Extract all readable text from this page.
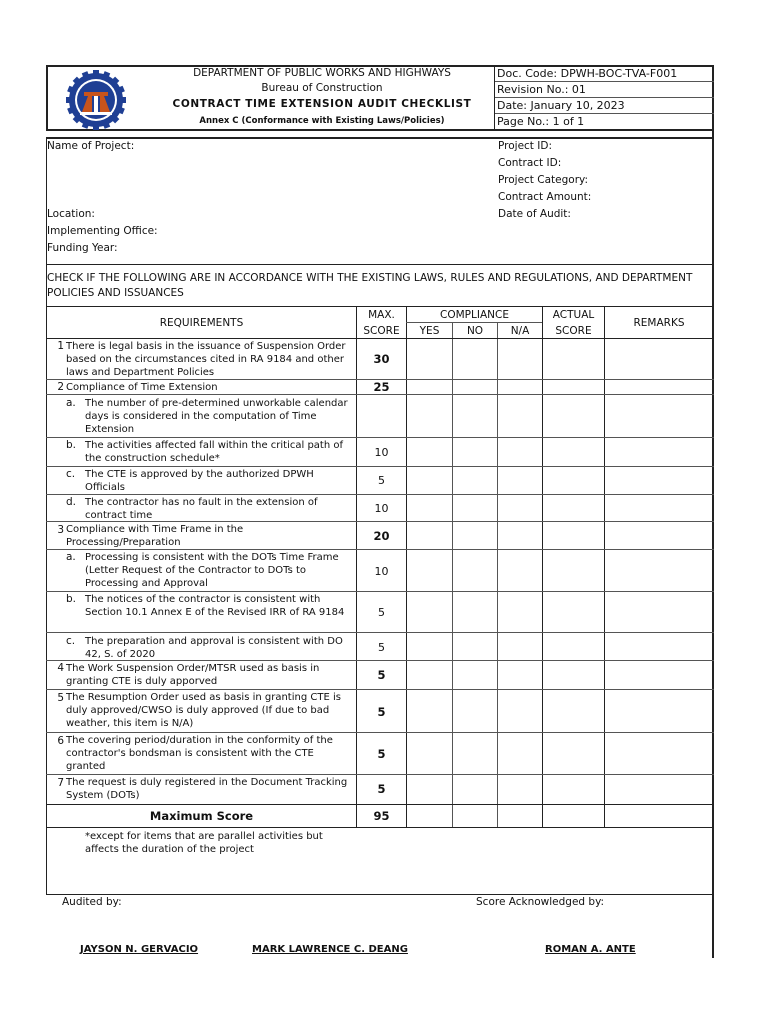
DEPARTMENT OF PUBLIC WORKS AND HIGHWAYS
Bureau of Construction
CONTRACT TIME EXTENSION AUDIT CHECKLIST
Annex C (Conformance with Existing Laws/Policies)
Doc. Code: DPWH-BOC-TVA-F001
Revision No.: 01
Date: January 10, 2023
Page No.: 1 of 1
Name of Project:
Location:
Implementing Office:
Funding Year:
Project ID:
Contract ID:
Project Category:
Contract Amount:
Date of Audit:
CHECK IF THE FOLLOWING ARE IN ACCORDANCE WITH THE EXISTING LAWS, RULES AND REGULATIONS, AND DEPARTMENT POLICIES AND ISSUANCES
REQUIREMENTS
MAX.
SCORE
COMPLIANCE
YES	NO	N/A
ACTUAL
SCORE
REMARKS
1 There is legal basis in the issuance of Suspension Order based on the circumstances cited in RA 9184 and other laws and Department Policies
30
2 Compliance of Time Extension	25
a. The number of pre-determined unworkable calendar days is considered in the computation of Time Extension
b. The activities affected fall within the critical path of the construction schedule*	10
c. The CTE is approved by the authorized DPWH Officials
5
d. The contractor has no fault in the extension of contract time
10
3 Compliance with Time Frame in the Processing/Preparation	20
a. Processing is consistent with the DOTs Time Frame (Letter Request of the Contractor to DOTs to Processing and Approval
10
b. The notices of the contractor is consistent with Section 10.1 Annex E of the Revised IRR of RA 9184	5
c. The preparation and approval is consistent with DO 42, S. of 2020
5
4 The Work Suspension Order/MTSR used as basis in granting CTE is duly apporved	5
5 The Resumption Order used as basis in granting CTE is duly approved/CWSO is duly approved (If due to bad weather, this item is N/A)
5
6 The covering period/duration in the conformity of the contractor's bondsman is consistent with the CTE granted
5
7 The request is duly registered in the Document Tracking System (DOTs)	5
Maximum Score	95
*except for items that are parallel activities but affects the duration of the project
Audited by:	Score Acknowledged by:
JAYSON N. GERVACIO	MARK LAWRENCE C. DEANG	ROMAN A. ANTE
